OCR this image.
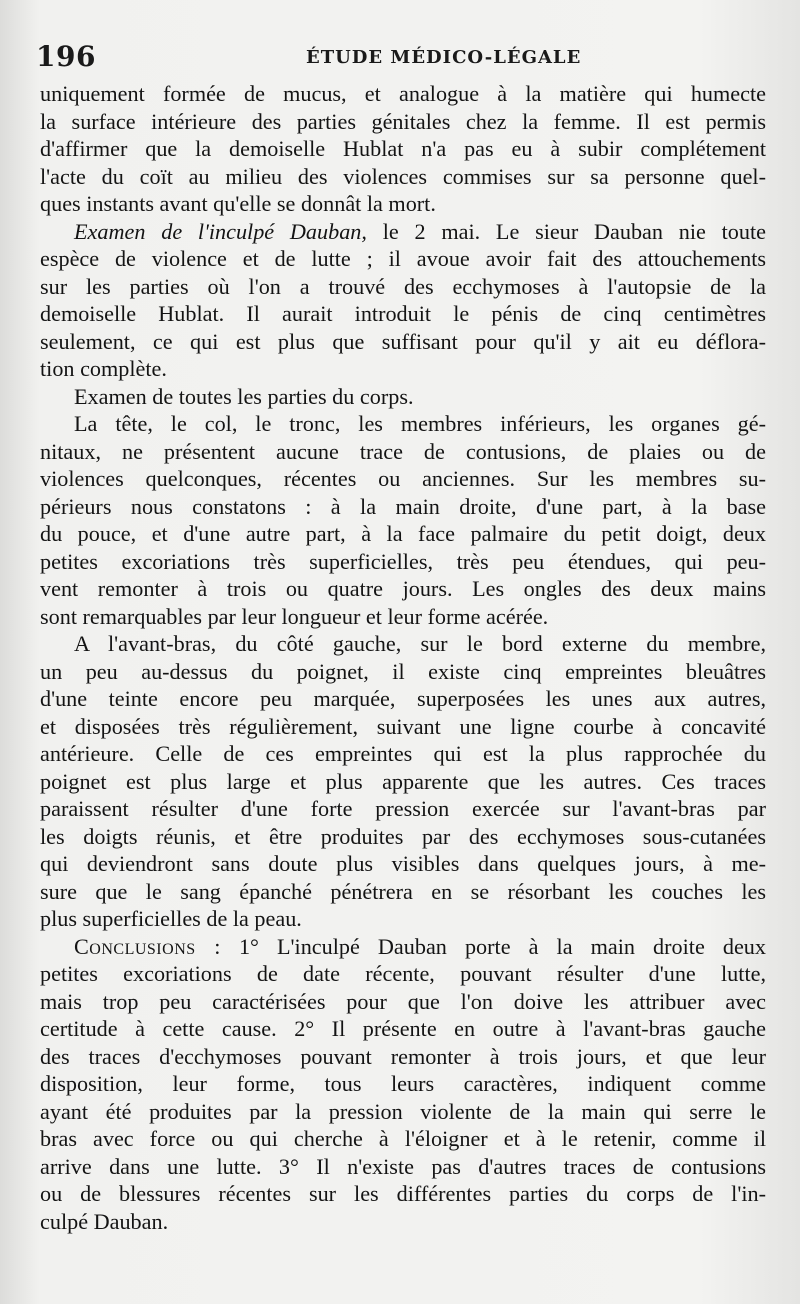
196	ÉTUDE MÉDICO-LÉGALE
uniquement formée de mucus, et analogue à la matière qui humecte
la surface intérieure des parties génitales chez la femme. Il est permis
d'affirmer que la demoiselle Hublat n'a pas eu à subir complétement
l'acte du coït au milieu des violences commises sur sa personne quel-
ques instants avant qu'elle se donnât la mort.
Examen de l'inculpé Dauban, le 2 mai. Le sieur Dauban nie toute
espèce de violence et de lutte ; il avoue avoir fait des attouchements
sur les parties où l'on a trouvé des ecchymoses à l'autopsie de la
demoiselle Hublat. Il aurait introduit le pénis de cinq centimètres
seulement, ce qui est plus que suffisant pour qu'il y ait eu déflora-
tion complète.
Examen de toutes les parties du corps.
La tête, le col, le tronc, les membres inférieurs, les organes gé-
nitaux, ne présentent aucune trace de contusions, de plaies ou de
violences quelconques, récentes ou anciennes. Sur les membres su-
périeurs nous constatons : à la main droite, d'une part, à la base
du pouce, et d'une autre part, à la face palmaire du petit doigt, deux
petites excoriations très superficielles, très peu étendues, qui peu-
vent remonter à trois ou quatre jours. Les ongles des deux mains
sont remarquables par leur longueur et leur forme acérée.
A l'avant-bras, du côté gauche, sur le bord externe du membre,
un peu au-dessus du poignet, il existe cinq empreintes bleuâtres
d'une teinte encore peu marquée, superposées les unes aux autres,
et disposées très régulièrement, suivant une ligne courbe à concavité
antérieure. Celle de ces empreintes qui est la plus rapprochée du
poignet est plus large et plus apparente que les autres. Ces traces
paraissent résulter d'une forte pression exercée sur l'avant-bras par
les doigts réunis, et être produites par des ecchymoses sous-cutanées
qui deviendront sans doute plus visibles dans quelques jours, à me-
sure que le sang épanché pénétrera en se résorbant les couches les
plus superficielles de la peau.
Conclusions : 1° L'inculpé Dauban porte à la main droite deux
petites excoriations de date récente, pouvant résulter d'une lutte,
mais trop peu caractérisées pour que l'on doive les attribuer avec
certitude à cette cause. 2° Il présente en outre à l'avant-bras gauche
des traces d'ecchymoses pouvant remonter à trois jours, et que leur
disposition, leur forme, tous leurs caractères, indiquent comme
ayant été produites par la pression violente de la main qui serre le
bras avec force ou qui cherche à l'éloigner et à le retenir, comme il
arrive dans une lutte. 3° Il n'existe pas d'autres traces de contusions
ou de blessures récentes sur les différentes parties du corps de l'in-
culpé Dauban.
